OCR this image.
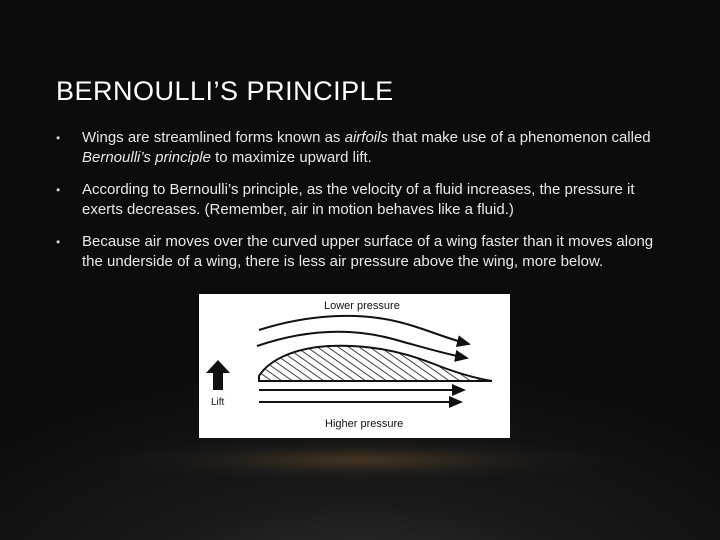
BERNOULLI’S PRINCIPLE
• Wings are streamlined forms known as airfoils that make use of a phenomenon called Bernoulli’s principle to maximize upward lift.
• According to Bernoulli’s principle, as the velocity of a fluid increases, the pressure it exerts decreases. (Remember, air in motion behaves like a fluid.)
• Because air moves over the curved upper surface of a wing faster than it moves along the underside of a wing, there is less air pressure above the wing, more below.
Lower pressure
Lift
Higher pressure
